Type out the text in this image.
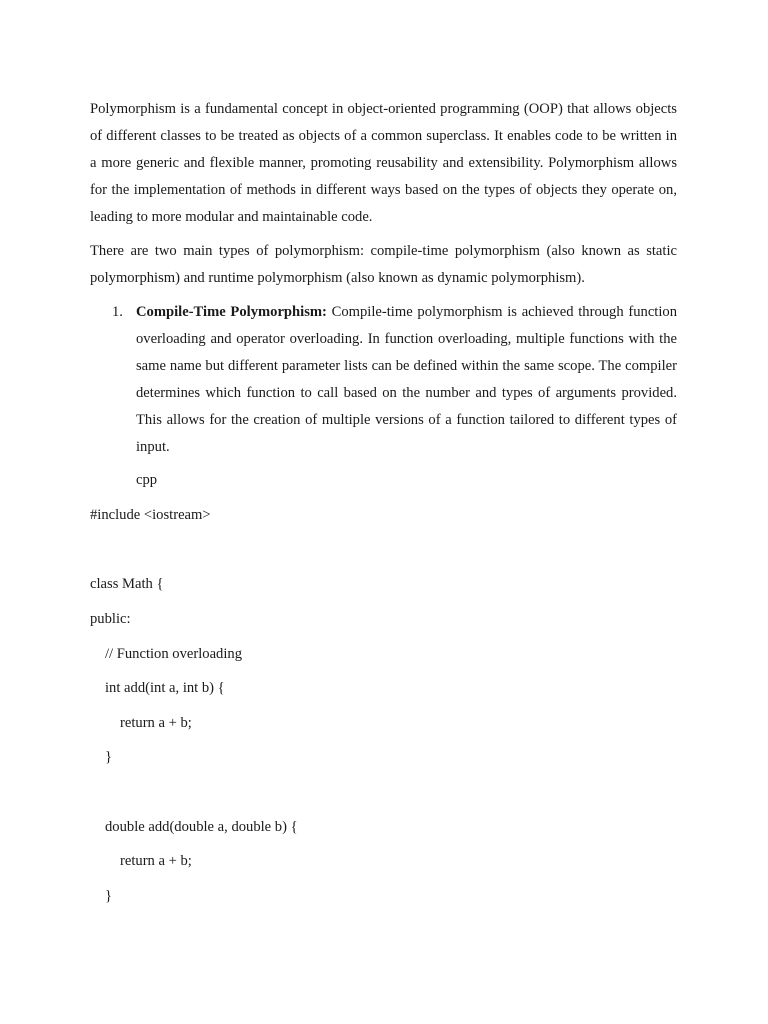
Polymorphism is a fundamental concept in object-oriented programming (OOP) that allows objects of different classes to be treated as objects of a common superclass. It enables code to be written in a more generic and flexible manner, promoting reusability and extensibility. Polymorphism allows for the implementation of methods in different ways based on the types of objects they operate on, leading to more modular and maintainable code.

There are two main types of polymorphism: compile-time polymorphism (also known as static polymorphism) and runtime polymorphism (also known as dynamic polymorphism).

1. Compile-Time Polymorphism: Compile-time polymorphism is achieved through function overloading and operator overloading. In function overloading, multiple functions with the same name but different parameter lists can be defined within the same scope. The compiler determines which function to call based on the number and types of arguments provided. This allows for the creation of multiple versions of a function tailored to different types of input.

cpp
#include <iostream>
class Math {
public:
// Function overloading
int add(int a, int b) {
return a + b;
}
double add(double a, double b) {
return a + b;
}
